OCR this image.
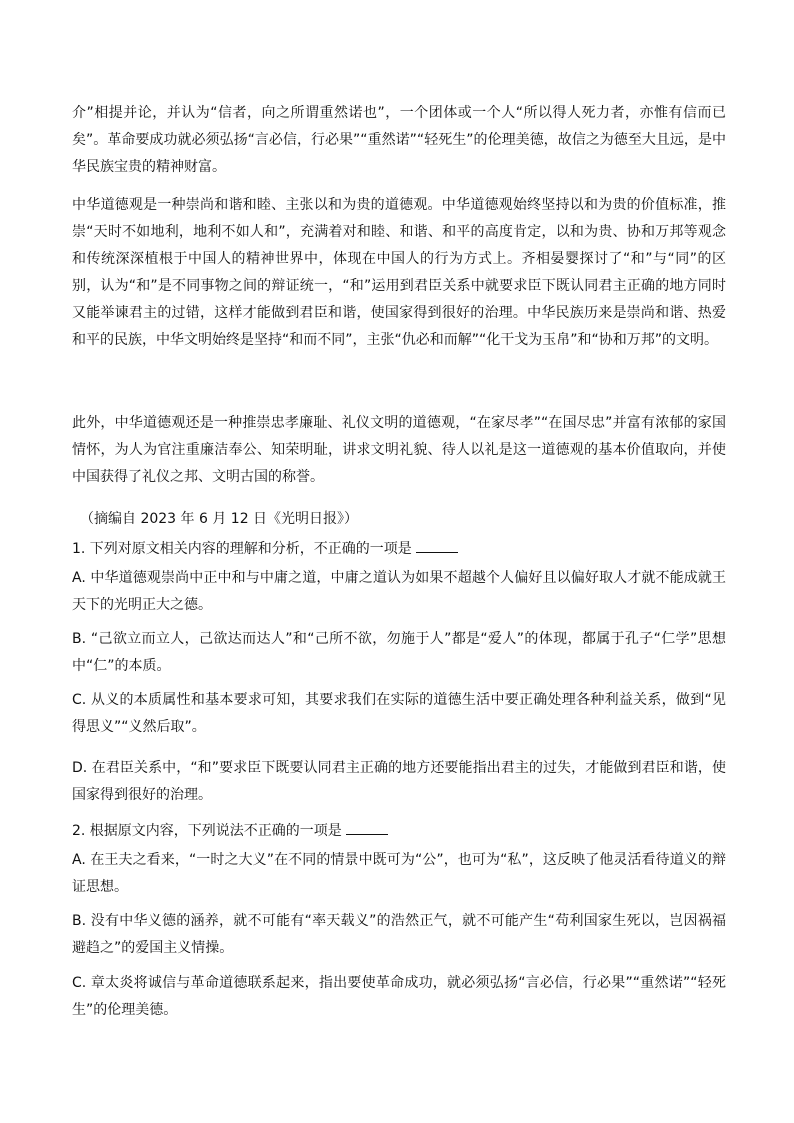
介”相提并论，并认为“信者，向之所谓重然诺也”，一个团体或一个人“所以得人死力者，亦惟有信而已矣”。革命要成功就必须弘扬“言必信，行必果”“重然诺”“轻死生”的伦理美德，故信之为德至大且远，是中华民族宝贵的精神财富。

中华道德观是一种崇尚和谐和睦、主张以和为贵的道德观。中华道德观始终坚持以和为贵的价值标准，推崇“天时不如地利，地利不如人和”，充满着对和睦、和谐、和平的高度肯定，以和为贵、协和万邦等观念和传统深深植根于中国人的精神世界中，体现在中国人的行为方式上。齐相晏婴探讨了“和”与“同”的区别，认为“和”是不同事物之间的辩证统一，“和”运用到君臣关系中就要求臣下既认同君主正确的地方同时又能举谏君主的过错，这样才能做到君臣和谐，使国家得到很好的治理。中华民族历来是崇尚和谐、热爱和平的民族，中华文明始终是坚持“和而不同”，主张“仇必和而解”“化干戈为玉帛”和“协和万邦”的文明。

此外，中华道德观还是一种推崇忠孝廉耻、礼仪文明的道德观，“在家尽孝”“在国尽忠”并富有浓郁的家国情怀，为人为官注重廉洁奉公、知荣明耻，讲求文明礼貌、待人以礼是这一道德观的基本价值取向，并使中国获得了礼仪之邦、文明古国的称誉。

（摘编自 2023 年 6 月 12 日《光明日报》）

1. 下列对原文相关内容的理解和分析，不正确的一项是

A. 中华道德观崇尚中正中和与中庸之道，中庸之道认为如果不超越个人偏好且以偏好取人才就不能成就王天下的光明正大之德。

B. “己欲立而立人，己欲达而达人”和“己所不欲，勿施于人”都是“爱人”的体现，都属于孔子“仁学”思想中“仁”的本质。

C. 从义的本质属性和基本要求可知，其要求我们在实际的道德生活中要正确处理各种利益关系，做到“见得思义”“义然后取”。

D. 在君臣关系中，“和”要求臣下既要认同君主正确的地方还要能指出君主的过失，才能做到君臣和谐，使国家得到很好的治理。

2. 根据原文内容，下列说法不正确的一项是

A. 在王夫之看来，“一时之大义”在不同的情景中既可为“公”，也可为“私”，这反映了他灵活看待道义的辩证思想。

B. 没有中华义德的涵养，就不可能有“率天载义”的浩然正气，就不可能产生“苟利国家生死以，岂因祸福避趋之”的爱国主义情操。

C. 章太炎将诚信与革命道德联系起来，指出要使革命成功，就必须弘扬“言必信，行必果”“重然诺”“轻死生”的伦理美德。
